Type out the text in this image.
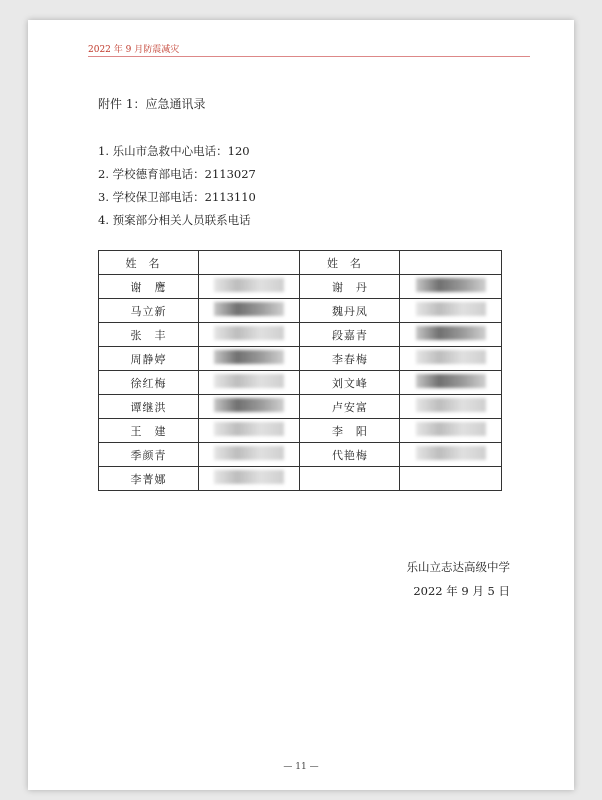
2022 年 9 月防震减灾
附件 1：应急通讯录
1. 乐山市急救中心电话：120
2. 学校德育部电话：2113027
3. 学校保卫部电话：2113110
4. 预案部分相关人员联系电话
姓名		姓名	
谢　鹰		谢　丹	
马立新		魏丹凤	
张　丰		段嘉青	
周静婷		李春梅	
徐红梅		刘文峰	
谭继洪		卢安富	
王　建		李　阳	
季颜青		代艳梅	
李菁娜			
乐山立志达高级中学
2022 年 9 月 5 日
— 11 —
